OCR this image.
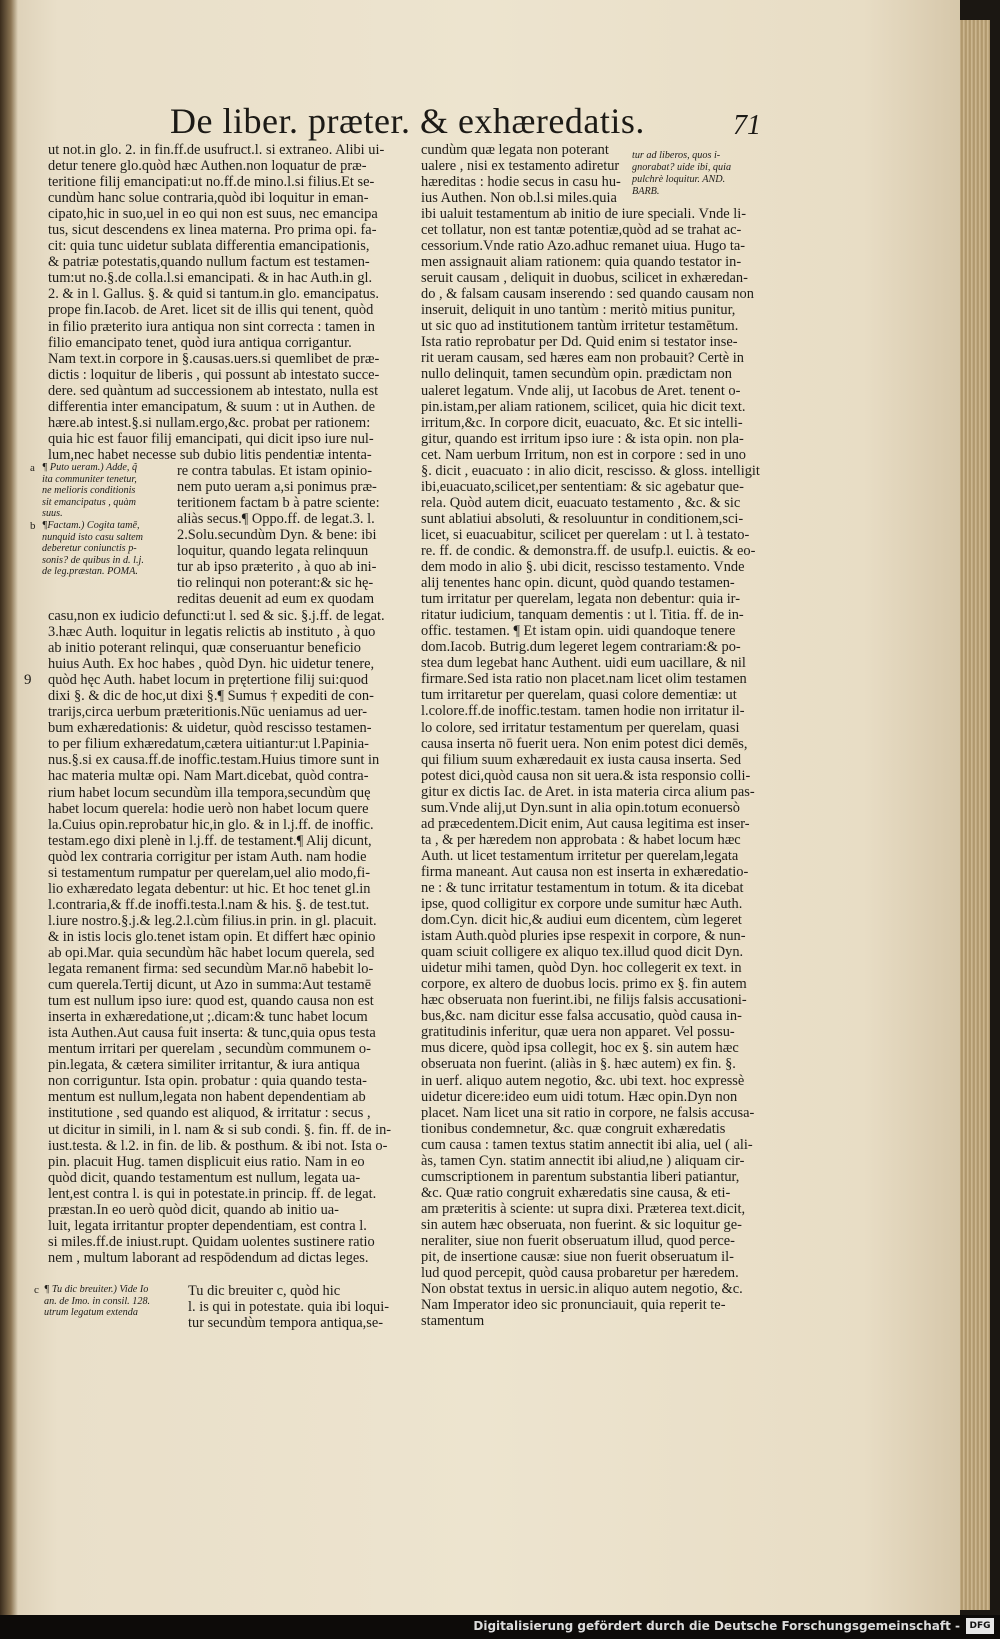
De liber. præter. & exhæredatis.	71
ut not.in glo. 2. in fin.ff.de usufruct.l. si extraneo. Alibi ui-
detur tenere glo.quòd hæc Authen.non loquatur de præ-
teritione filij emancipati:ut no.ff.de mino.l.si filius.Et se-
cundùm hanc solue contraria,quòd ibi loquitur in eman-
cipato,hic in suo,uel in eo qui non est suus, nec emancipa
tus, sicut descendens ex linea materna. Pro prima opi. fa-
cit: quia tunc uidetur sublata differentia emancipationis,
& patriæ potestatis,quando nullum factum est testamen-
tum:ut no.§.de colla.l.si emancipati. & in hac Auth.in gl.
2. & in l. Gallus. §. & quid si tantum.in glo. emancipatus.
prope fin.Iacob. de Aret. licet sit de illis qui tenent, quòd
in filio præterito iura antiqua non sint correcta : tamen in
filio emancipato tenet, quòd iura antiqua corrigantur.
Nam text.in corpore in §.causas.uers.si quemlibet de præ-
dictis : loquitur de liberis , qui possunt ab intestato succe-
dere. sed quàntum ad successionem ab intestato, nulla est
differentia inter emancipatum, & suum : ut in Authen. de
hære.ab intest.§.si nullam.ergo,&c. probat per rationem:
quia hic est fauor filij emancipati, qui dicit ipso iure nul-
lum,nec habet necesse sub dubio litis pendentiæ intenta-
a ¶ Puto ueram.) Adde, q̃
ita communiter tenetur,
ne melioris conditionis
sit emancipatus , quàm
suus.
b ¶Factam.) Cogita tamē,
nunquid isto casu saltem
deberetur coniunctis p-
sonis? de quibus in d. l.j.
de leg.præstan. POMA.
re contra tabulas. Et istam opinio-
nem puto ueram a,si ponimus præ-
teritionem factam b à patre sciente:
aliàs secus.¶ Oppo.ff. de legat.3. l.
2.Solu.secundùm Dyn. & bene: ibi
loquitur, quando legata relinquun
tur ab ipso præterito , à quo ab ini-
tio relinqui non poterant:& sic hę-
reditas deuenit ad eum ex quodam
9
casu,non ex iudicio defuncti:ut l. sed & sic. §.j.ff. de legat.
3.hæc Auth. loquitur in legatis relictis ab instituto , à quo
ab initio poterant relinqui, quæ conseruantur beneficio
huius Auth. Ex hoc habes , quòd Dyn. hic uidetur tenere,
quòd hęc Auth. habet locum in prętertione filij sui:quod
dixi §. & dic de hoc,ut dixi §.¶ Sumus † expediti de con-
trarijs,circa uerbum præteritionis.Nūc ueniamus ad uer-
bum exhæredationis: & uidetur, quòd rescisso testamen-
to per filium exhæredatum,cætera uitiantur:ut l.Papinia-
nus.§.si ex causa.ff.de inoffic.testam.Huius timore sunt in
hac materia multæ opi. Nam Mart.dicebat, quòd contra-
rium habet locum secundùm illa tempora,secundùm quę
habet locum querela: hodie uerò non habet locum quere
la.Cuius opin.reprobatur hic,in glo. & in l.j.ff. de inoffic.
testam.ego dixi plenè in l.j.ff. de testament.¶ Alij dicunt,
quòd lex contraria corrigitur per istam Auth. nam hodie
si testamentum rumpatur per querelam,uel alio modo,fi-
lio exhæredato legata debentur: ut hic. Et hoc tenet gl.in
l.contraria,& ff.de inoffi.testa.l.nam & his. §. de test.tut.
l.iure nostro.§.j.& leg.2.l.cùm filius.in prin. in gl. placuit.
& in istis locis glo.tenet istam opin. Et differt hæc opinio
ab opi.Mar. quia secundùm hãc habet locum querela, sed
legata remanent firma: sed secundùm Mar.nō habebit lo-
cum querela.Tertij dicunt, ut Azo in summa:Aut testamē
tum est nullum ipso iure: quod est, quando causa non est
inserta in exhæredatione,ut ;.dicam:& tunc habet locum
ista Authen.Aut causa fuit inserta: & tunc,quia opus testa
mentum irritari per querelam , secundùm communem o-
pin.legata, & cætera similiter irritantur, & iura antiqua
non corriguntur. Ista opin. probatur : quia quando testa-
mentum est nullum,legata non habent dependentiam ab
institutione , sed quando est aliquod, & irritatur : secus ,
ut dicitur in simili, in l. nam & si sub condi. §. fin. ff. de in-
iust.testa. & l.2. in fin. de lib. & posthum. & ibi not. Ista o-
pin. placuit Hug. tamen displicuit eius ratio. Nam in eo
quòd dicit, quando testamentum est nullum, legata ua-
lent,est contra l. is qui in potestate.in princip. ff. de legat.
præstan.In eo uerò quòd dicit, quando ab initio ua-
luit, legata irritantur propter dependentiam, est contra l.
si miles.ff.de iniust.rupt. Quidam uolentes sustinere ratio
nem , multum laborant ad respōdendum ad dictas leges.
c ¶ Tu dic breuiter.) Vide Io
an. de Imo. in consil. 128.
utrum legatum extenda
Tu dic breuiter c, quòd hic
l. is qui in potestate. quia ibi loqui-
tur secundùm tempora antiqua,se-
cundùm quæ legata non poterant
ualere , nisi ex testamento adiretur
hæreditas : hodie secus in casu hu-
ius Authen. Non ob.l.si miles.quia
tur ad liberos, quos i-
gnorabat? uide ibi, quia
pulchrè loquitur. AND.
BARB.
ibi ualuit testamentum ab initio de iure speciali. Vnde li-
cet tollatur, non est tantæ potentiæ,quòd ad se trahat ac-
cessorium.Vnde ratio Azo.adhuc remanet uiua. Hugo ta-
men assignauit aliam rationem: quia quando testator in-
seruit causam , deliquit in duobus, scilicet in exhæredan-
do , & falsam causam inserendo : sed quando causam non
inseruit, deliquit in uno tantùm : meritò mitius punitur,
ut sic quo ad institutionem tantùm irritetur testamētum.
Ista ratio reprobatur per Dd. Quid enim si testator inse-
rit ueram causam, sed hæres eam non probauit? Certè in
nullo delinquit, tamen secundùm opin. prædictam non
ualeret legatum. Vnde alij, ut Iacobus de Aret. tenent o-
pin.istam,per aliam rationem, scilicet, quia hic dicit text.
irritum,&c. In corpore dicit, euacuato, &c. Et sic intelli-
gitur, quando est irritum ipso iure : & ista opin. non pla-
cet. Nam uerbum Irritum, non est in corpore : sed in uno
§. dicit , euacuato : in alio dicit, rescisso. & gloss. intelligit
ibi,euacuato,scilicet,per sententiam: & sic agebatur que-
rela. Quòd autem dicit, euacuato testamento , &c. & sic
sunt ablatiui absoluti, & resoluuntur in conditionem,sci-
licet, si euacuabitur, scilicet per querelam : ut l. à testato-
re. ff. de condic. & demonstra.ff. de usufp.l. euictis. & eo-
dem modo in alio §. ubi dicit, rescisso testamento. Vnde
alij tenentes hanc opin. dicunt, quòd quando testamen-
tum irritatur per querelam, legata non debentur: quia ir-
ritatur iudicium, tanquam dementis : ut l. Titia. ff. de in-
offic. testamen. ¶ Et istam opin. uidi quandoque tenere
dom.Iacob. Butrig.dum legeret legem contrariam:& po-
stea dum legebat hanc Authent. uidi eum uacillare, & nil
firmare.Sed ista ratio non placet.nam licet olim testamen
tum irritaretur per querelam, quasi colore dementiæ: ut
l.colore.ff.de inoffic.testam. tamen hodie non irritatur il-
lo colore, sed irritatur testamentum per querelam, quasi
causa inserta nō fuerit uera. Non enim potest dici demēs,
qui filium suum exhæredauit ex iusta causa inserta. Sed
potest dici,quòd causa non sit uera.& ista responsio colli-
gitur ex dictis Iac. de Aret. in ista materia circa alium pas-
sum.Vnde alij,ut Dyn.sunt in alia opin.totum econuersò
ad præcedentem.Dicit enim, Aut causa legitima est inser-
ta , & per hæredem non approbata : & habet locum hæc
Auth. ut licet testamentum irritetur per querelam,legata
firma maneant. Aut causa non est inserta in exhæredatio-
ne : & tunc irritatur testamentum in totum. & ita dicebat
ipse, quod colligitur ex corpore unde sumitur hæc Auth.
dom.Cyn. dicit hic,& audiui eum dicentem, cùm legeret
istam Auth.quòd pluries ipse respexit in corpore, & nun-
quam sciuit colligere ex aliquo tex.illud quod dicit Dyn.
uidetur mihi tamen, quòd Dyn. hoc collegerit ex text. in
corpore, ex altero de duobus locis. primo ex §. fin autem
hæc obseruata non fuerint.ibi, ne filijs falsis accusationi-
bus,&c. nam dicitur esse falsa accusatio, quòd causa in-
gratitudinis inferitur, quæ uera non apparet. Vel possu-
mus dicere, quòd ipsa collegit, hoc ex §. sin autem hæc
obseruata non fuerint. (aliàs in §. hæc autem) ex fin. §.
in uerf. aliquo autem negotio, &c. ubi text. hoc expressè
uidetur dicere:ideo eum uidi totum. Hæc opin.Dyn non
placet. Nam licet una sit ratio in corpore, ne falsis accusa-
tionibus condemnetur, &c. quæ congruit exhæredatis
cum causa : tamen textus statim annectit ibi alia, uel ( ali-
às, tamen Cyn. statim annectit ibi aliud,ne ) aliquam cir-
cumscriptionem in parentum substantia liberi patiantur,
&c. Quæ ratio congruit exhæredatis sine causa, & eti-
am præteritis à sciente: ut supra dixi. Præterea text.dicit,
sin autem hæc obseruata, non fuerint. & sic loquitur ge-
neraliter, siue non fuerit obseruatum illud, quod perce-
pit, de insertione causæ: siue non fuerit obseruatum il-
lud quod percepit, quòd causa probaretur per hæredem.
Non obstat textus in uersic.in aliquo autem negotio, &c.
Nam Imperator ideo sic pronunciauit, quia reperit te-
stamentum
Digitalisierung gefördert durch die Deutsche Forschungsgemeinschaft -	DFG
